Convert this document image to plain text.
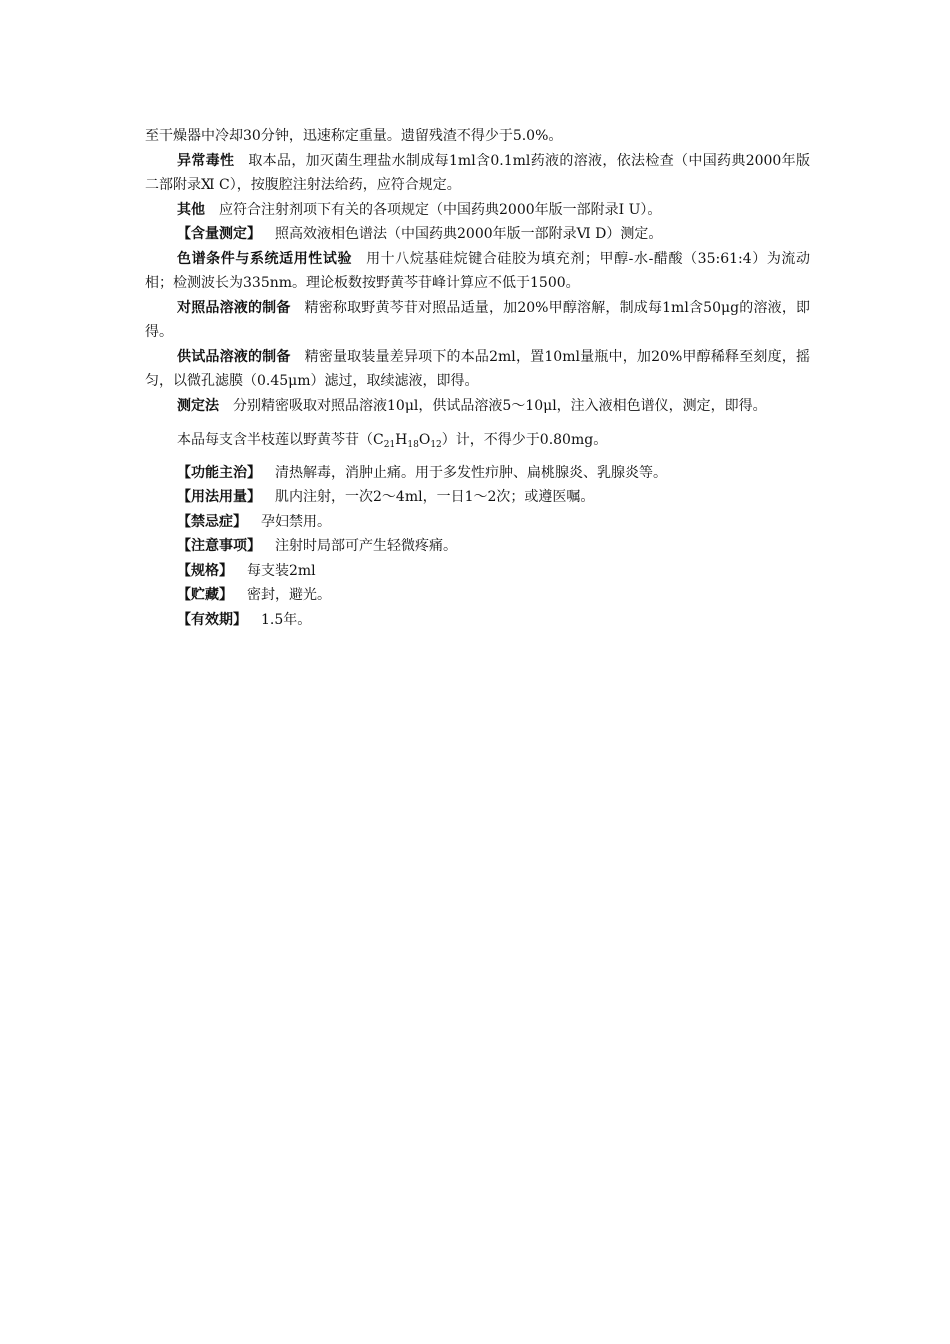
至干燥器中冷却30分钟，迅速称定重量。遗留残渣不得少于5.0%。

异常毒性 取本品，加灭菌生理盐水制成每1ml含0.1ml药液的溶液，依法检查（中国药典2000年版二部附录Ⅺ C），按腹腔注射法给药，应符合规定。

其他 应符合注射剂项下有关的各项规定（中国药典2000年版一部附录Ⅰ U）。

【含量测定】 照高效液相色谱法（中国药典2000年版一部附录Ⅵ D）测定。

色谱条件与系统适用性试验 用十八烷基硅烷键合硅胶为填充剂；甲醇-水-醋酸（35:61:4）为流动相；检测波长为335nm。理论板数按野黄芩苷峰计算应不低于1500。

对照品溶液的制备 精密称取野黄芩苷对照品适量，加20%甲醇溶解，制成每1ml含50μg的溶液，即得。

供试品溶液的制备 精密量取装量差异项下的本品2ml，置10ml量瓶中，加20%甲醇稀释至刻度，摇匀，以微孔滤膜（0.45μm）滤过，取续滤液，即得。

测定法 分别精密吸取对照品溶液10μl，供试品溶液5～10μl，注入液相色谱仪，测定，即得。

本品每支含半枝莲以野黄芩苷$(C_{21}H_{18}O_{12})$计，不得少于0.80mg。

【功能主治】 清热解毒，消肿止痛。用于多发性疖肿、扁桃腺炎、乳腺炎等。

【用法用量】 肌内注射，一次2～4ml，一日1～2次；或遵医嘱。

【禁忌症】 孕妇禁用。

【注意事项】 注射时局部可产生轻微疼痛。

【规格】 每支装2ml

【贮藏】 密封，避光。

【有效期】 1.5年。
